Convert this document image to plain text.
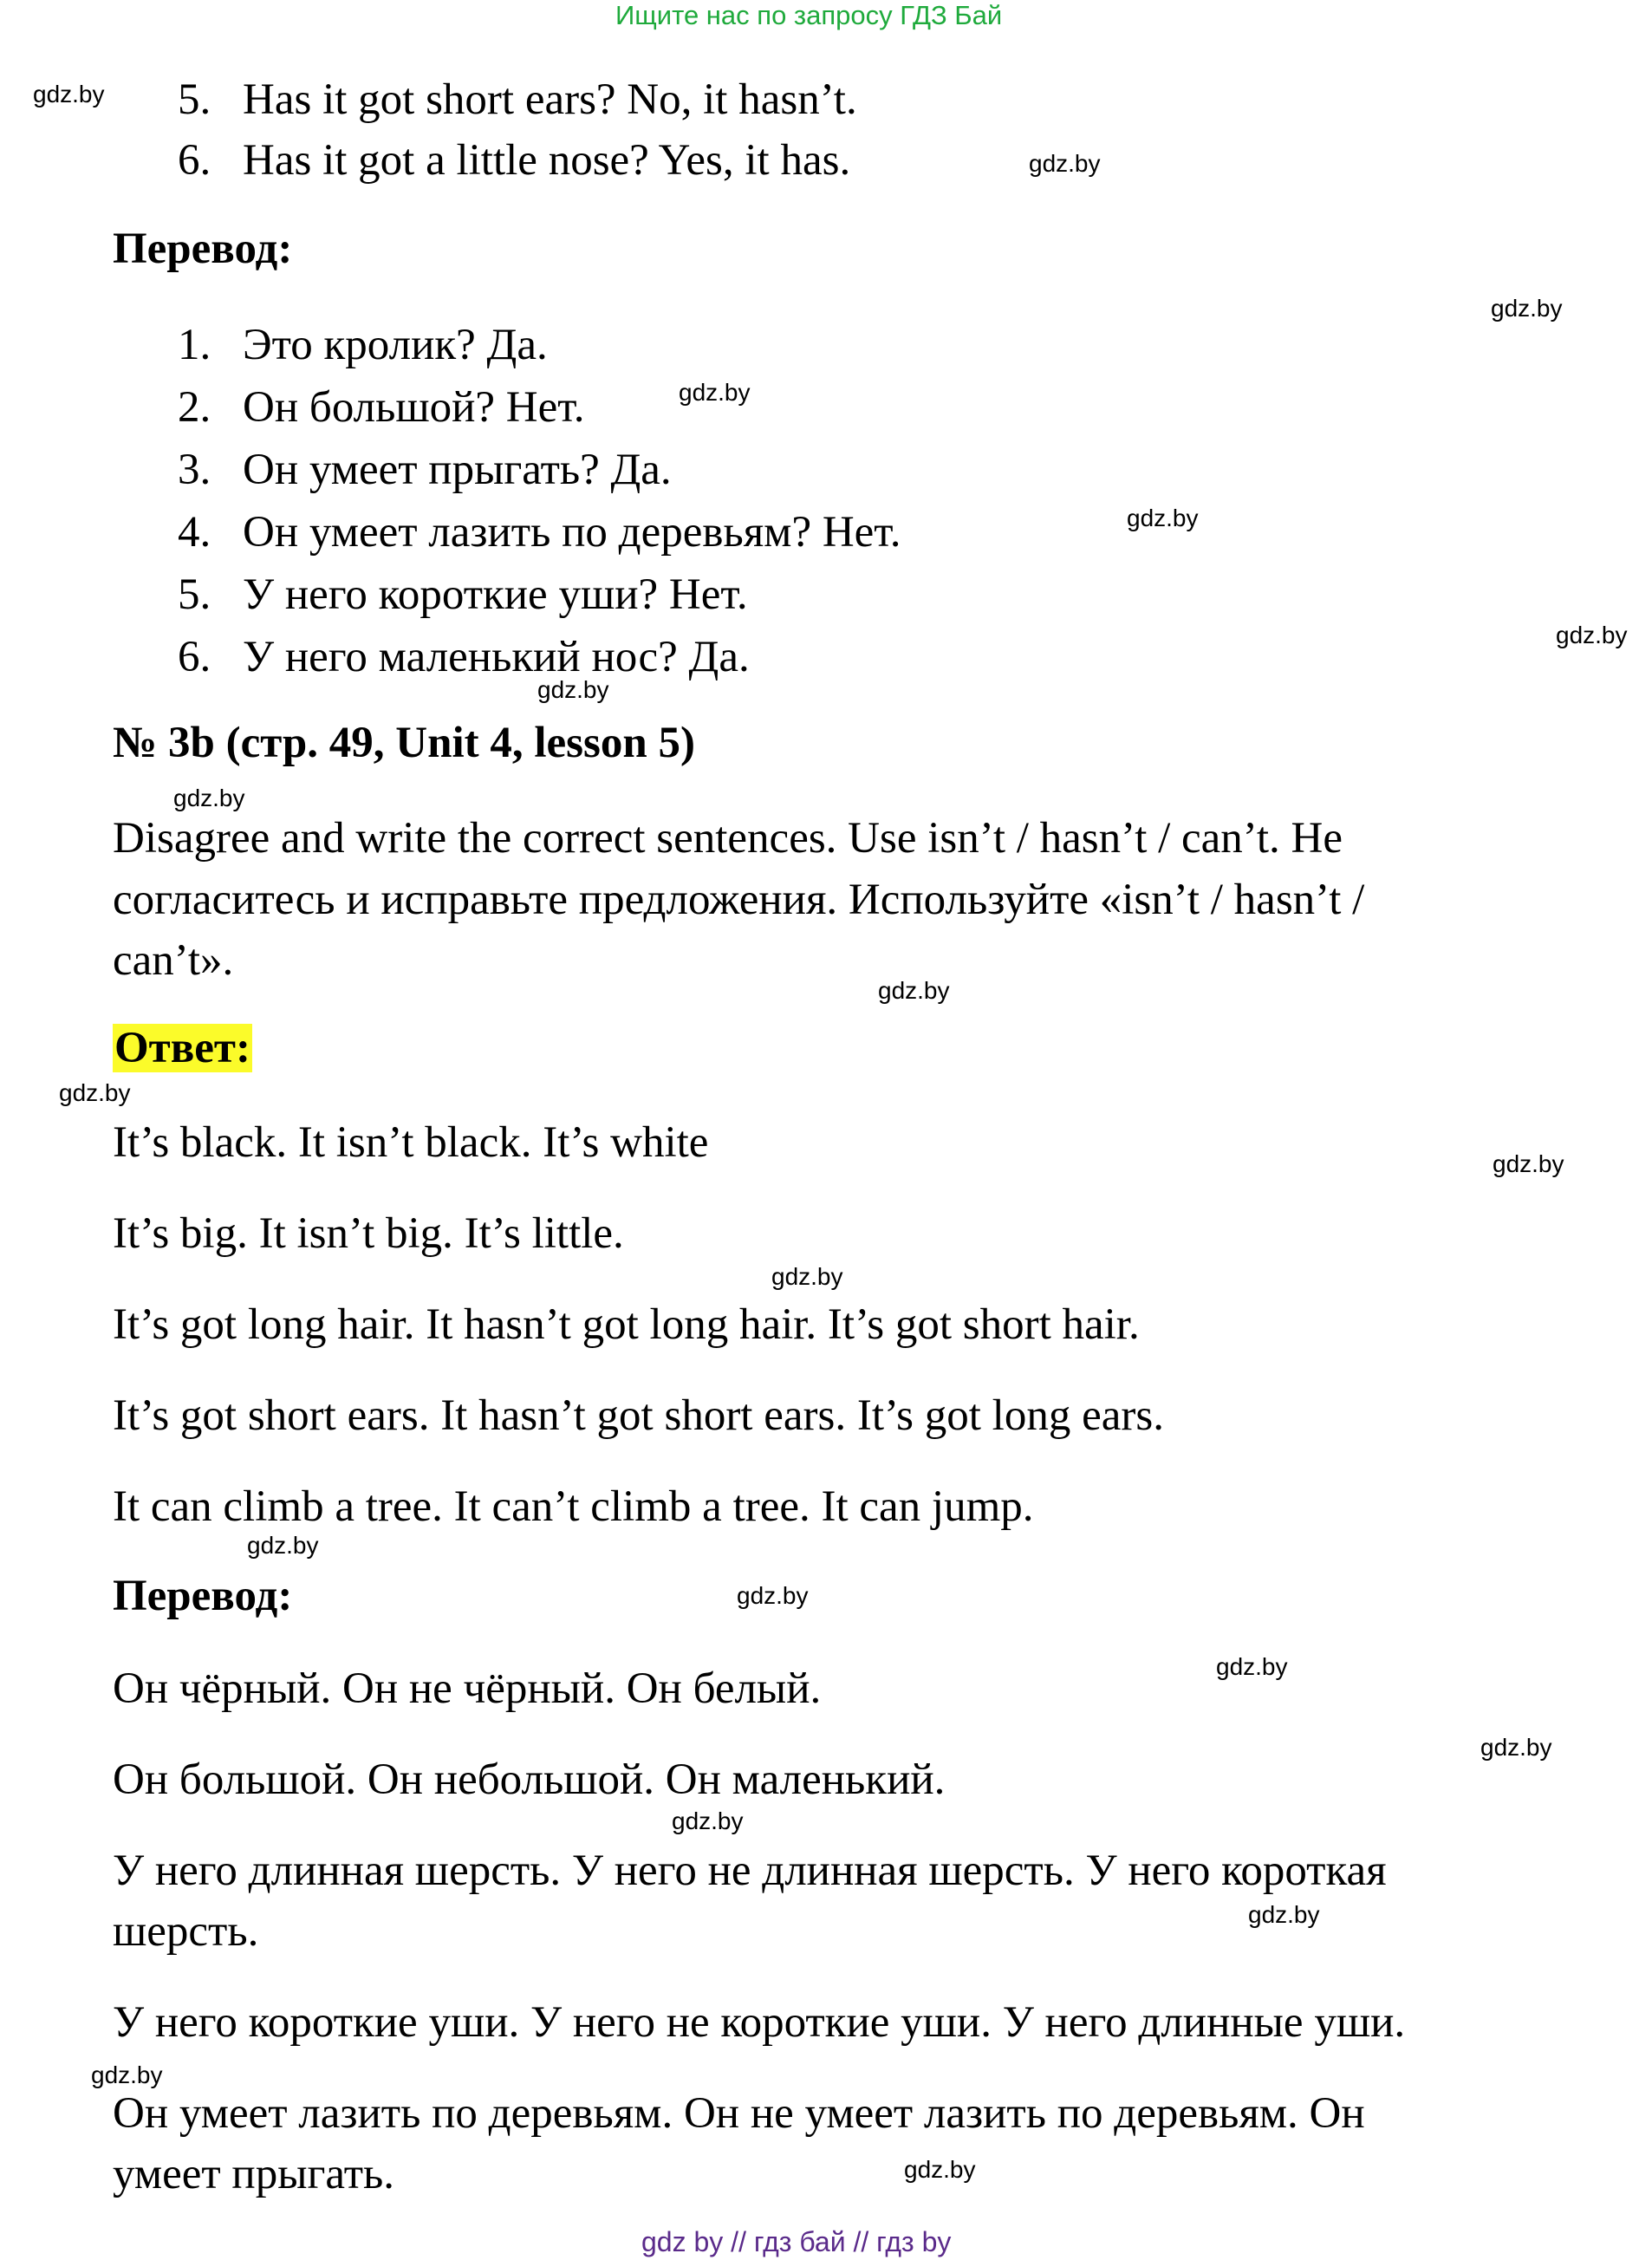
Ищите нас по запросу ГДЗ Бай
5. Has it got short ears? No, it hasn’t.
6. Has it got a little nose? Yes, it has.
Перевод:
1. Это кролик? Да.
2. Он большой? Нет.
3. Он умеет прыгать? Да.
4. Он умеет лазить по деревьям? Нет.
5. У него короткие уши? Нет.
6. У него маленький нос? Да.
№ 3b (стр. 49, Unit 4, lesson 5)
Disagree and write the correct sentences. Use isn’t / hasn’t / can’t. Не
согласитесь и исправьте предложения. Используйте «isn’t / hasn’t /
can’t».
Ответ:
It’s black. It isn’t black. It’s white
It’s big. It isn’t big. It’s little.
It’s got long hair. It hasn’t got long hair. It’s got short hair.
It’s got short ears. It hasn’t got short ears. It’s got long ears.
It can climb a tree. It can’t climb a tree. It can jump.
Перевод:
Он чёрный. Он не чёрный. Он белый.
Он большой. Он небольшой. Он маленький.
У него длинная шерсть. У него не длинная шерсть. У него короткая
шерсть.
У него короткие уши. У него не короткие уши. У него длинные уши.
Он умеет лазить по деревьям. Он не умеет лазить по деревьям. Он
умеет прыгать.
gdz.by
gdz.by
gdz.by
gdz.by
gdz.by
gdz.by
gdz.by
gdz.by
gdz.by
gdz.by
gdz.by
gdz.by
gdz.by
gdz.by
gdz.by
gdz.by
gdz.by
gdz.by
gdz.by
gdz.by
gdz by // гдз бай // гдз by
